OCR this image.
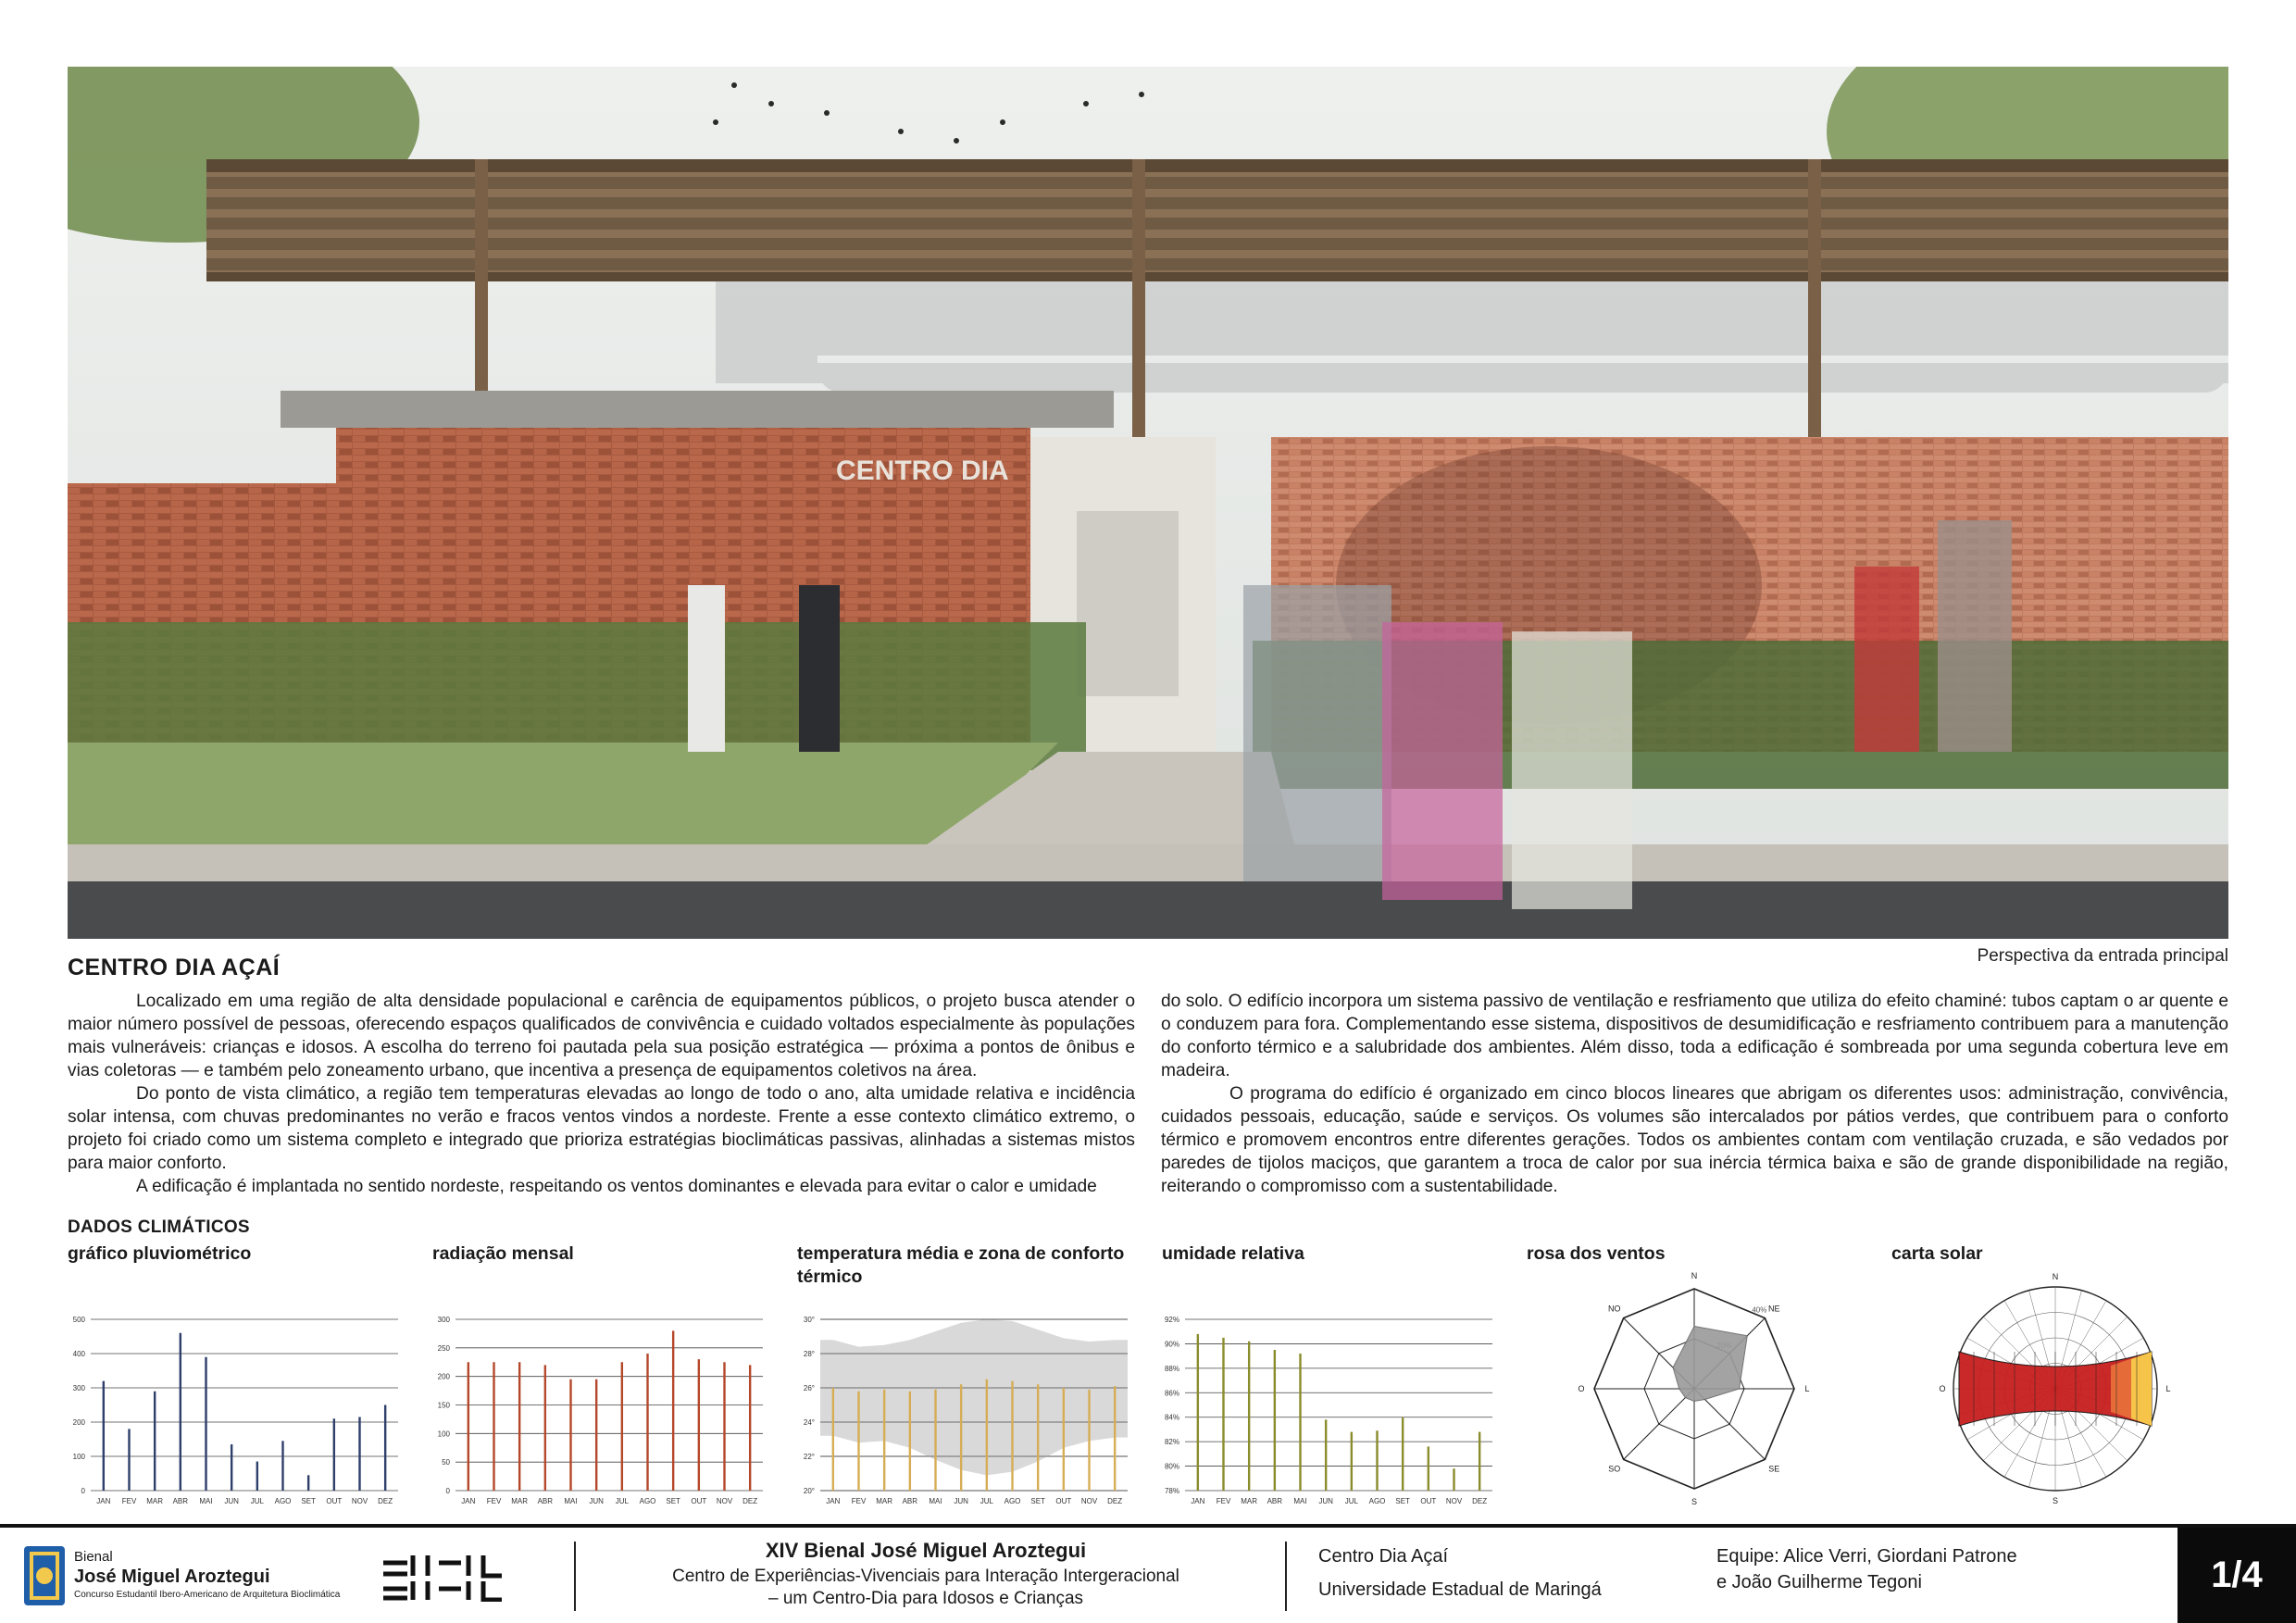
CENTRO DIA
CENTRO DIA AÇAÍ	Perspectiva da entrada principal

Localizado em uma região de alta densidade populacional e carência de equipamentos públicos, o projeto busca atender o maior número possível de pessoas, oferecendo espaços qualificados de convivência e cuidado voltados especialmente às populações mais vulneráveis: crianças e idosos. A escolha do terreno foi pautada pela sua posição estratégica — próxima a pontos de ônibus e vias coletoras — e também pelo zoneamento urbano, que incentiva a presença de equipamentos coletivos na área.

Do ponto de vista climático, a região tem temperaturas elevadas ao longo de todo o ano, alta umidade relativa e incidência solar intensa, com chuvas predominantes no verão e fracos ventos vindos a nordeste. Frente a esse contexto climático extremo, o projeto foi criado como um sistema completo e integrado que prioriza estratégias bioclimáticas passivas, alinhadas a sistemas mistos para maior conforto.

A edificação é implantada no sentido nordeste, respeitando os ventos dominantes e elevada para evitar o calor e umidade

do solo. O edifício incorpora um sistema passivo de ventilação e resfriamento que utiliza do efeito chaminé: tubos captam o ar quente e o conduzem para fora. Complementando esse sistema, dispositivos de desumidificação e resfriamento contribuem para a manutenção do conforto térmico e a salubridade dos ambientes. Além disso, toda a edificação é sombreada por uma segunda cobertura leve em madeira.

O programa do edifício é organizado em cinco blocos lineares que abrigam os diferentes usos: administração, convivência, cuidados pessoais, educação, saúde e serviços. Os volumes são intercalados por pátios verdes, que contribuem para o conforto térmico e promovem encontros entre diferentes gerações. Todos os ambientes contam com ventilação cruzada, e são vedados por paredes de tijolos maciços, que garantem a troca de calor por sua inércia térmica baixa e são de grande disponibilidade na região, reiterando o compromisso com a sustentabilidade.

DADOS CLIMÁTICOS
gráfico pluviométrico	radiação mensal	temperatura média e zona de conforto térmico
umidade relativa	rosa dos ventos	carta solar
0
100
200
300
400
500
JAN FEV MAR ABR MAI JUN JUL AGO SET OUT NOV DEZ
0
50
100
150
200
250
300
JAN FEV MAR ABR MAI JUN JUL AGO SET OUT NOV DEZ
20°
22°
24°
26°
28°
30°
JAN FEV MAR ABR MAI JUN JUL AGO SET OUT NOV DEZ
78%
80%
82%
84%
86%
88%
90%
92%
JAN FEV MAR ABR MAI JUN JUL AGO SET OUT NOV DEZ
40%
N
NE
L
SE
S
SO
O
NO
N
L
S
O
Bienal
José Miguel Aroztegui
Concurso Estudantil Ibero-Americano de Arquitetura Bioclimática
XIV Bienal José Miguel Aroztegui
Centro de Experiências-Vivenciais para Interação Intergeracional
– um Centro-Dia para Idosos e Crianças
Centro Dia Açaí
Universidade Estadual de Maringá
Equipe: Alice Verri, Giordani Patrone
e João Guilherme Tegoni	1/4
